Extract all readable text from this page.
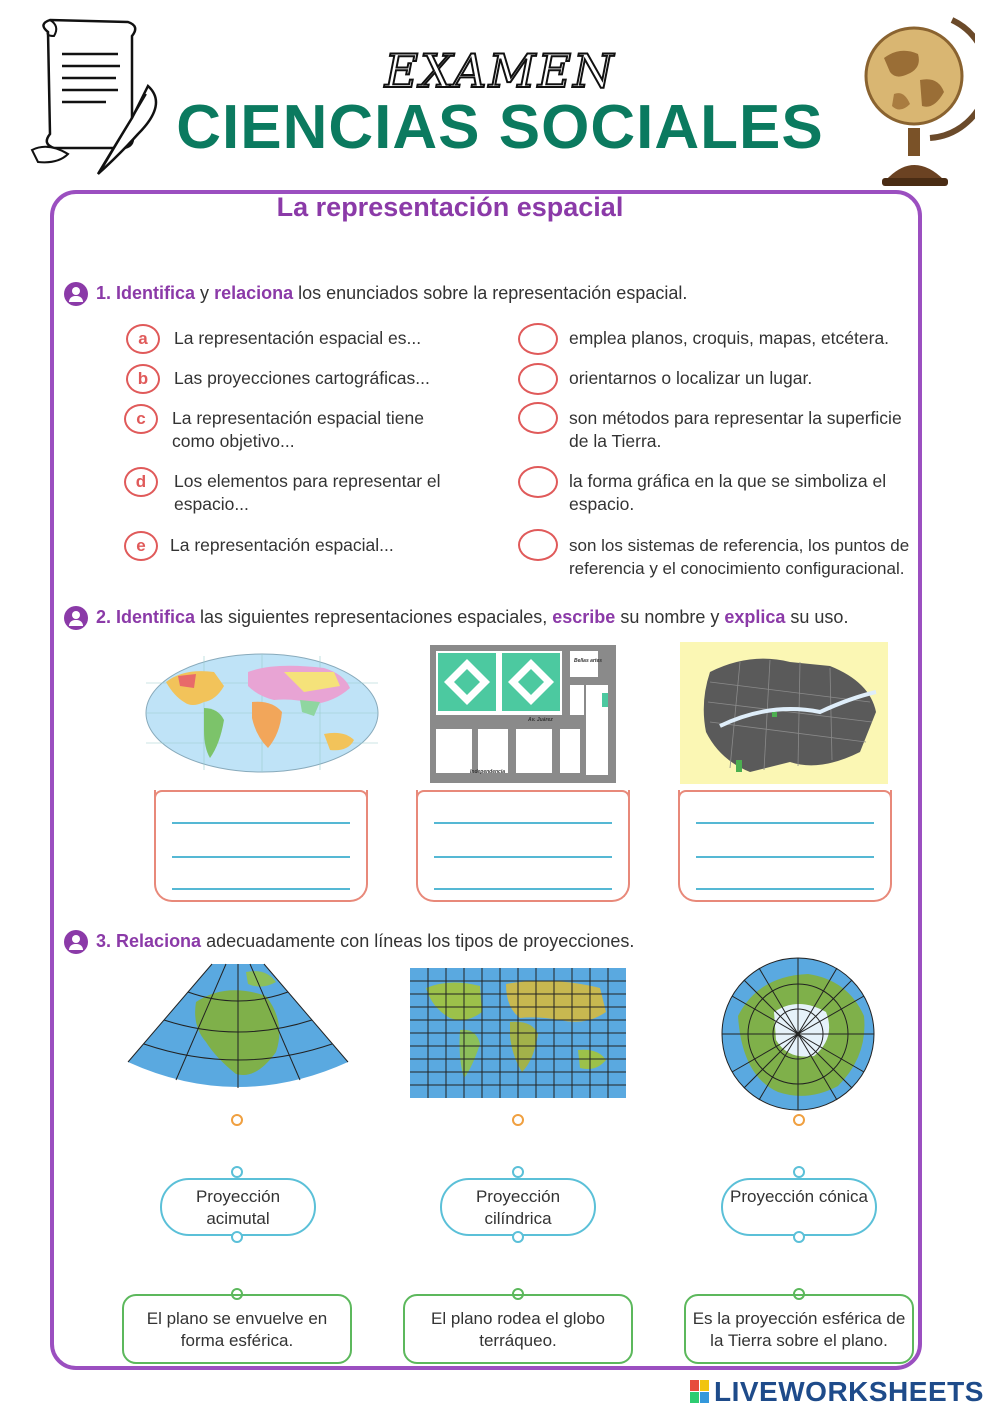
EXAMEN
CIENCIAS SOCIALES
La representación espacial
1. Identifica y relaciona los enunciados sobre la representación espacial.
a	La representación espacial es...
b	Las proyecciones cartográficas...
c	La representación espacial tiene como objetivo...
d	Los elementos para representar el espacio...
e	La representación espacial...
emplea planos, croquis, mapas, etcétera.
orientarnos o localizar un lugar.
son métodos para representar la superficie de la Tierra.
la forma gráfica en la que se simboliza el espacio.
son los sistemas de referencia, los puntos de referencia y el conocimiento configuracional.
2. Identifica las siguientes representaciones espaciales, escribe su nombre y explica su uso.
Bellas artes
Av. Juárez
Independencia
3. Relaciona adecuadamente con líneas los tipos de proyecciones.
Proyección acimutal
Proyección cilíndrica
Proyección cónica
El plano se envuelve en forma esférica.
El plano rodea el globo terráqueo.
Es la proyección esférica de la Tierra sobre el plano.
LIVEWORKSHEETS
